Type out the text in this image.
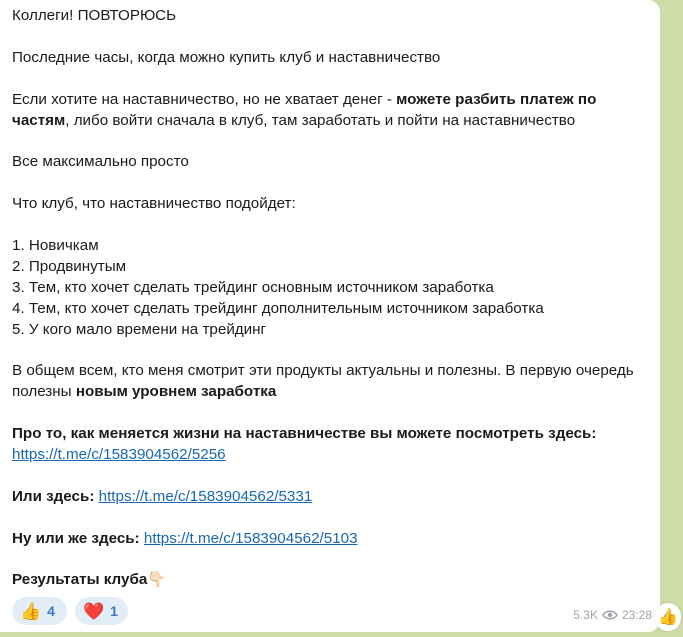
Коллеги! ПОВТОРЮСЬ

Последние часы, когда можно купить клуб и наставничество

Если хотите на наставничество, но не хватает денег - можете разбить платеж по частям, либо войти сначала в клуб, там заработать и пойти на наставничество

Все максимально просто

Что клуб, что наставничество подойдет:

1. Новичкам

2. Продвинутым

3. Тем, кто хочет сделать трейдинг основным источником заработка

4. Тем, кто хочет сделать трейдинг дополнительным источником заработка

5. У кого мало времени на трейдинг

В общем всем, кто меня смотрит эти продукты актуальны и полезны. В первую очередь полезны новым уровнем заработка

Про то, как меняется жизни на наставничестве вы можете посмотреть здесь:

https://t.me/c/1583904562/5256

Или здесь: https://t.me/c/1583904562/5331

Ну или же здесь: https://t.me/c/1583904562/5103

Результаты клуба👇🏻

👍 4 ❤️ 1	5.3K 23:28 👍
